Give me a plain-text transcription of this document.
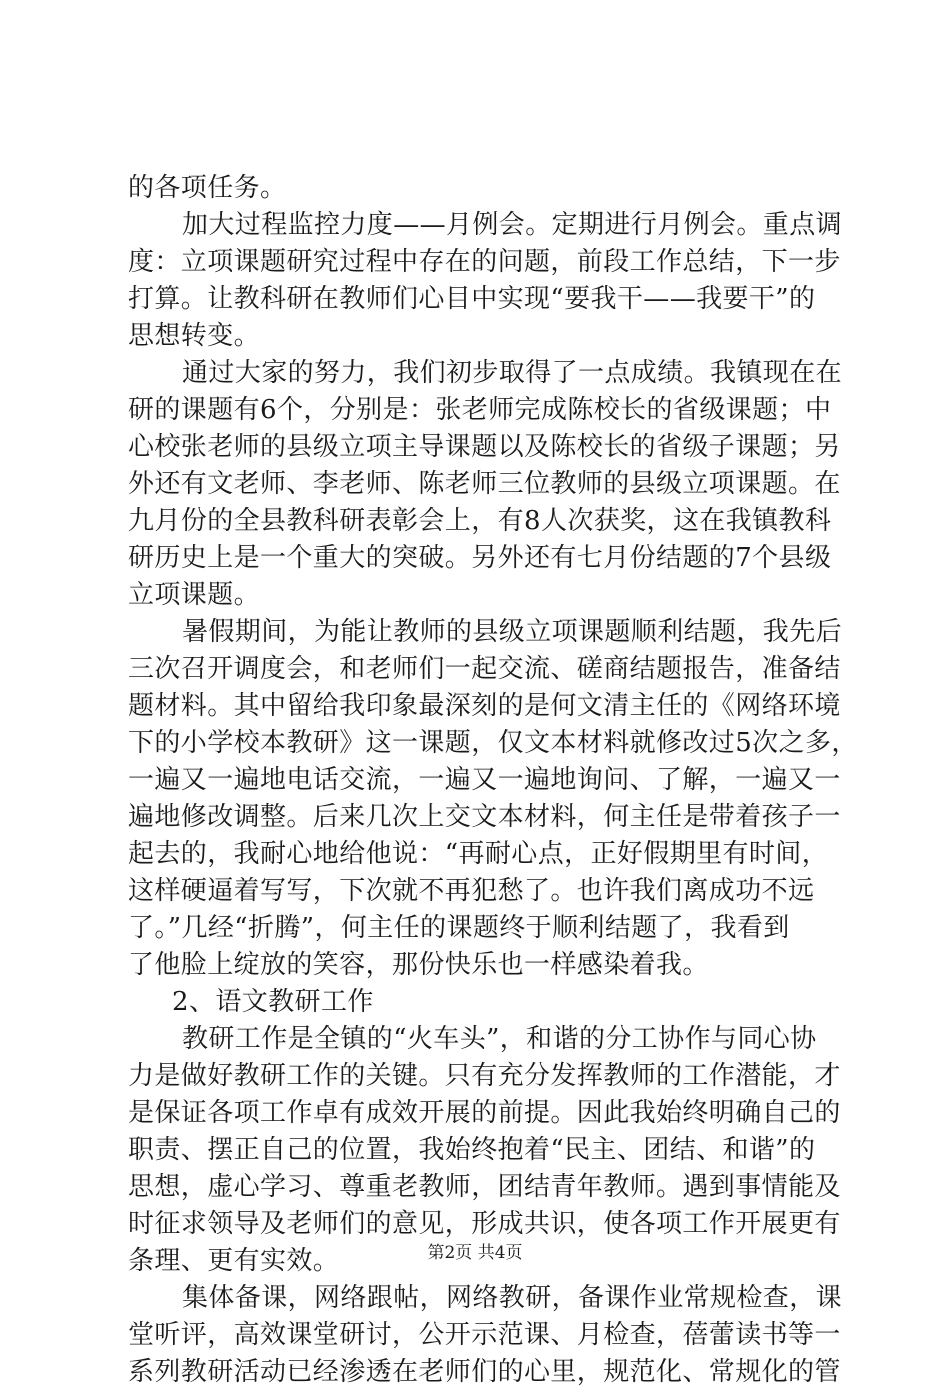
的各项任务。
加大过程监控力度——月例会。定期进行月例会。重点调
度：立项课题研究过程中存在的问题，前段工作总结，下一步
打算。让教科研在教师们心目中实现“要我干——我要干”的
思想转变。
通过大家的努力，我们初步取得了一点成绩。我镇现在在
研的课题有6个，分别是：张老师完成陈校长的省级课题；中
心校张老师的县级立项主导课题以及陈校长的省级子课题；另
外还有文老师、李老师、陈老师三位教师的县级立项课题。在
九月份的全县教科研表彰会上，有8人次获奖，这在我镇教科
研历史上是一个重大的突破。另外还有七月份结题的7个县级
立项课题。
暑假期间，为能让教师的县级立项课题顺利结题，我先后
三次召开调度会，和老师们一起交流、磋商结题报告，准备结
题材料。其中留给我印象最深刻的是何文清主任的《网络环境
下的小学校本教研》这一课题，仅文本材料就修改过5次之多，
一遍又一遍地电话交流，一遍又一遍地询问、了解，一遍又一
遍地修改调整。后来几次上交文本材料，何主任是带着孩子一
起去的，我耐心地给他说：“再耐心点，正好假期里有时间，
这样硬逼着写写，下次就不再犯愁了。也许我们离成功不远
了。”几经“折腾”，何主任的课题终于顺利结题了，我看到
了他脸上绽放的笑容，那份快乐也一样感染着我。
2、语文教研工作
教研工作是全镇的“火车头”，和谐的分工协作与同心协
力是做好教研工作的关键。只有充分发挥教师的工作潜能，才
是保证各项工作卓有成效开展的前提。因此我始终明确自己的
职责、摆正自己的位置，我始终抱着“民主、团结、和谐”的
思想，虚心学习、尊重老教师，团结青年教师。遇到事情能及
时征求领导及老师们的意见，形成共识，使各项工作开展更有
条理、更有实效。
集体备课，网络跟帖，网络教研，备课作业常规检查，课
堂听评，高效课堂研讨，公开示范课、月检查，蓓蕾读书等一
系列教研活动已经渗透在老师们的心里，规范化、常规化的管
第2页 共4页
